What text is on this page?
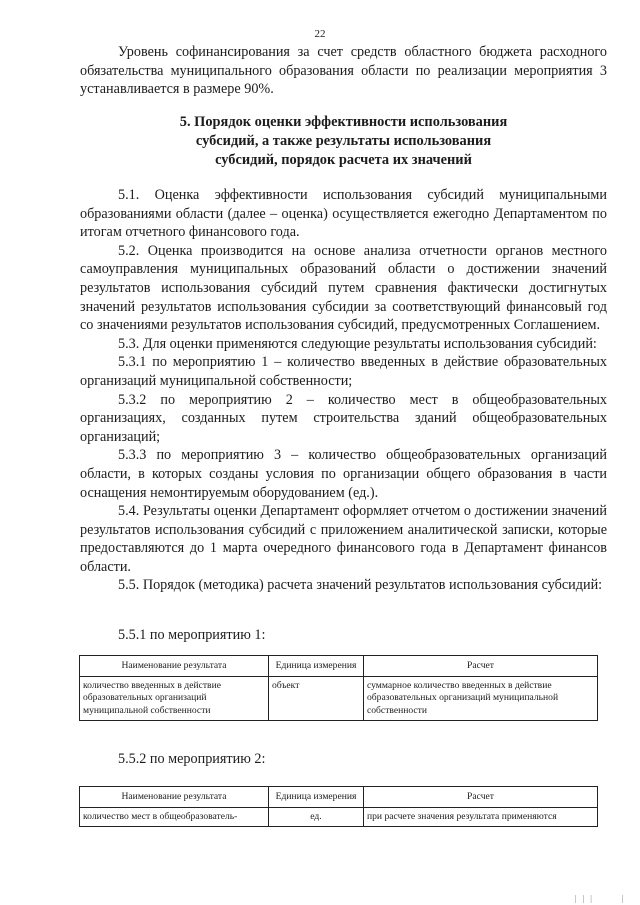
22

Уровень софинансирования за счет средств областного бюджета расходного обязательства муниципального образования области по реализации мероприятия 3 устанавливается в размере 90%.

5. Порядок оценки эффективности использования
субсидий, а также результаты использования
субсидий, порядок расчета их значений

5.1. Оценка эффективности использования субсидий муниципальными образованиями области (далее – оценка) осуществляется ежегодно Департаментом по итогам отчетного финансового года.

5.2. Оценка производится на основе анализа отчетности органов местного самоуправления муниципальных образований области о достижении значений результатов использования субсидий путем сравнения фактически достигнутых значений результатов использования субсидии за соответствующий финансовый год со значениями результатов использования субсидий, предусмотренных Соглашением.

5.3. Для оценки применяются следующие результаты использования субсидий:

5.3.1 по мероприятию 1 – количество введенных в действие образовательных организаций муниципальной собственности;

5.3.2 по мероприятию 2 – количество мест в общеобразовательных организациях, созданных путем строительства зданий общеобразовательных организаций;

5.3.3 по мероприятию 3 – количество общеобразовательных организаций области, в которых созданы условия по организации общего образования в части оснащения немонтируемым оборудованием (ед.).

5.4. Результаты оценки Департамент оформляет отчетом о достижении значений результатов использования субсидий с приложением аналитической записки, которые предоставляются до 1 марта очередного финансового года в Департамент финансов области.

5.5. Порядок (методика) расчета значений результатов использования субсидий:

5.5.1 по мероприятию 1:
Наименование результата	Единица измерения	Расчет
количество введенных в действие образовательных организаций муниципальной собственности	объект	суммарное количество введенных в действие образовательных организаций муниципальной собственности
5.5.2 по мероприятию 2:
Наименование результата	Единица измерения	Расчет
количество мест в общеобразователь-	ед.	при расчете значения результата применяются
| | |	|
